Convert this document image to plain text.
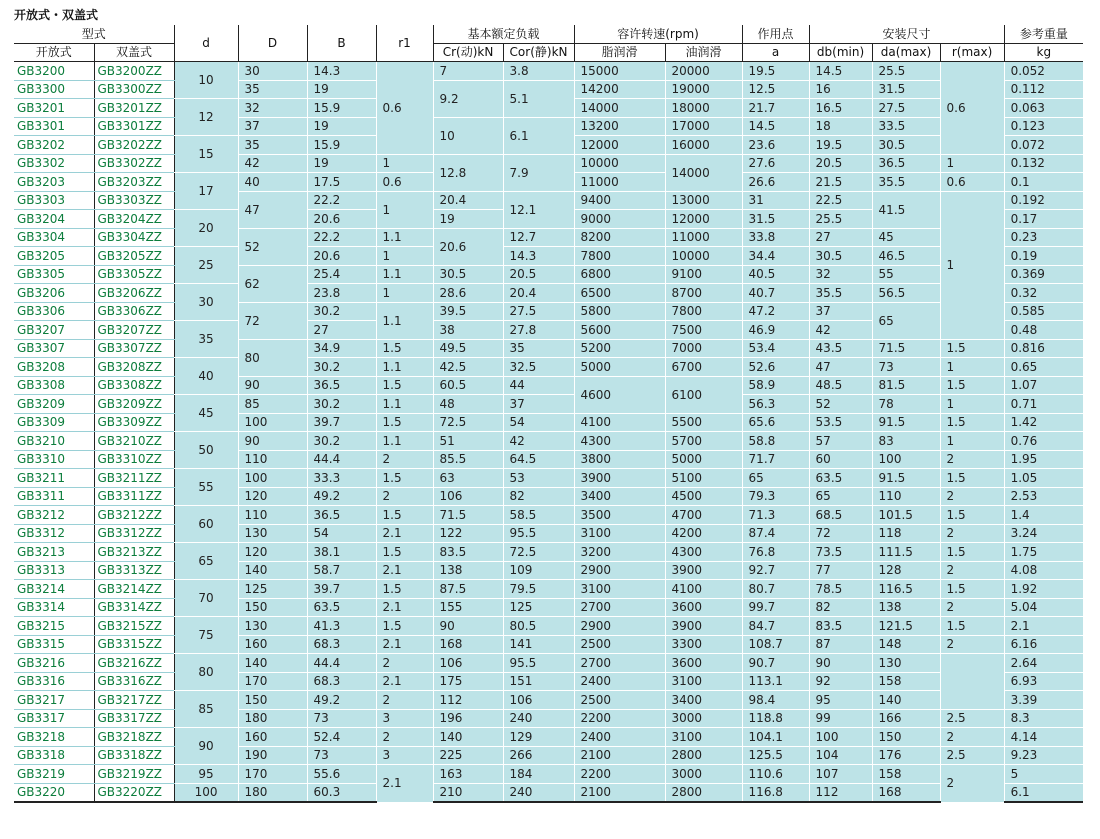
开放式・双盖式
型式		d	D	B	r1	基本额定负载		容许转速(rpm)		作用点	安装尺寸			参考重量
开放式	双盖式					Cr(动)kN	Cor(静)kN	脂润滑	油润滑	a	db(min)	da(max)	r(max)	kg
GB3200	GB3200ZZ	10	30	14.3	0.6	7	3.8	15000	20000	19.5	14.5	25.5	0.6	0.052
GB3300	GB3300ZZ		35	19		9.2	5.1	14200	19000	12.5	16	31.5		0.112
GB3201	GB3201ZZ	12	32	15.9				14000	18000	21.7	16.5	27.5		0.063
GB3301	GB3301ZZ		37	19		10	6.1	13200	17000	14.5	18	33.5		0.123
GB3202	GB3202ZZ	15	35	15.9				12000	16000	23.6	19.5	30.5		0.072
GB3302	GB3302ZZ		42	19	1	12.8	7.9	10000	14000	27.6	20.5	36.5	1	0.132
GB3203	GB3203ZZ	17	40	17.5	0.6			11000		26.6	21.5	35.5	0.6	0.1
GB3303	GB3303ZZ		47	22.2	1	20.4	12.1	9400	13000	31	22.5	41.5	1	0.192
GB3204	GB3204ZZ	20		20.6		19		9000	12000	31.5	25.5			0.17
GB3304	GB3304ZZ		52	22.2	1.1	20.6	12.7	8200	11000	33.8	27	45		0.23
GB3205	GB3205ZZ	25		20.6	1		14.3	7800	10000	34.4	30.5	46.5		0.19
GB3305	GB3305ZZ		62	25.4	1.1	30.5	20.5	6800	9100	40.5	32	55		0.369
GB3206	GB3206ZZ	30		23.8	1	28.6	20.4	6500	8700	40.7	35.5	56.5		0.32
GB3306	GB3306ZZ		72	30.2	1.1	39.5	27.5	5800	7800	47.2	37	65		0.585
GB3207	GB3207ZZ	35		27		38	27.8	5600	7500	46.9	42			0.48
GB3307	GB3307ZZ		80	34.9	1.5	49.5	35	5200	7000	53.4	43.5	71.5	1.5	0.816
GB3208	GB3208ZZ	40		30.2	1.1	42.5	32.5	5000	6700	52.6	47	73	1	0.65
GB3308	GB3308ZZ		90	36.5	1.5	60.5	44	4600	6100	58.9	48.5	81.5	1.5	1.07
GB3209	GB3209ZZ	45	85	30.2	1.1	48	37			56.3	52	78	1	0.71
GB3309	GB3309ZZ		100	39.7	1.5	72.5	54	4100	5500	65.6	53.5	91.5	1.5	1.42
GB3210	GB3210ZZ	50	90	30.2	1.1	51	42	4300	5700	58.8	57	83	1	0.76
GB3310	GB3310ZZ		110	44.4	2	85.5	64.5	3800	5000	71.7	60	100	2	1.95
GB3211	GB3211ZZ	55	100	33.3	1.5	63	53	3900	5100	65	63.5	91.5	1.5	1.05
GB3311	GB3311ZZ		120	49.2	2	106	82	3400	4500	79.3	65	110	2	2.53
GB3212	GB3212ZZ	60	110	36.5	1.5	71.5	58.5	3500	4700	71.3	68.5	101.5	1.5	1.4
GB3312	GB3312ZZ		130	54	2.1	122	95.5	3100	4200	87.4	72	118	2	3.24
GB3213	GB3213ZZ	65	120	38.1	1.5	83.5	72.5	3200	4300	76.8	73.5	111.5	1.5	1.75
GB3313	GB3313ZZ		140	58.7	2.1	138	109	2900	3900	92.7	77	128	2	4.08
GB3214	GB3214ZZ	70	125	39.7	1.5	87.5	79.5	3100	4100	80.7	78.5	116.5	1.5	1.92
GB3314	GB3314ZZ		150	63.5	2.1	155	125	2700	3600	99.7	82	138	2	5.04
GB3215	GB3215ZZ	75	130	41.3	1.5	90	80.5	2900	3900	84.7	83.5	121.5	1.5	2.1
GB3315	GB3315ZZ		160	68.3	2.1	168	141	2500	3300	108.7	87	148	2	6.16
GB3216	GB3216ZZ	80	140	44.4	2	106	95.5	2700	3600	90.7	90	130		2.64
GB3316	GB3316ZZ		170	68.3	2.1	175	151	2400	3100	113.1	92	158		6.93
GB3217	GB3217ZZ	85	150	49.2	2	112	106	2500	3400	98.4	95	140		3.39
GB3317	GB3317ZZ		180	73	3	196	240	2200	3000	118.8	99	166	2.5	8.3
GB3218	GB3218ZZ	90	160	52.4	2	140	129	2400	3100	104.1	100	150	2	4.14
GB3318	GB3318ZZ		190	73	3	225	266	2100	2800	125.5	104	176	2.5	9.23
GB3219	GB3219ZZ	95	170	55.6	2.1	163	184	2200	3000	110.6	107	158	2	5
GB3220	GB3220ZZ	100	180	60.3		210	240	2100	2800	116.8	112	168		6.1
